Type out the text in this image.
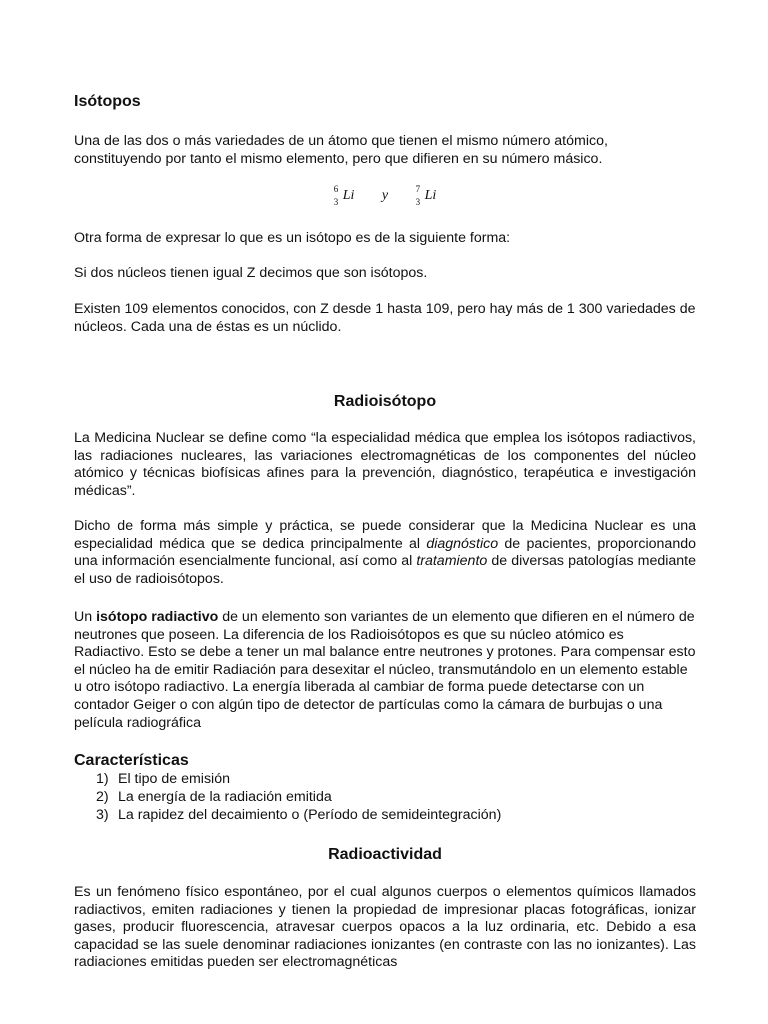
Isótopos

Una de las dos o más variedades de un átomo que tienen el mismo número atómico, constituyendo por tanto el mismo elemento, pero que difieren en su número másico.

6
3 Li y	7
3 Li

Otra forma de expresar lo que es un isótopo es de la siguiente forma:

Si dos núcleos tienen igual Z decimos que son isótopos.

Existen 109 elementos conocidos, con Z desde 1 hasta 109, pero hay más de 1 300 variedades de núcleos. Cada una de éstas es un núclido.

Radioisótopo

La Medicina Nuclear se define como “la especialidad médica que emplea los isótopos radiactivos, las radiaciones nucleares, las variaciones electromagnéticas de los componentes del núcleo atómico y técnicas biofísicas afines para la prevención, diagnóstico, terapéutica e investigación médicas”.

Dicho de forma más simple y práctica, se puede considerar que la Medicina Nuclear es una especialidad médica que se dedica principalmente al diagnóstico de pacientes, proporcionando una información esencialmente funcional, así como al tratamiento de diversas patologías mediante el uso de radioisótopos.

Un isótopo radiactivo de un elemento son variantes de un elemento que difieren en el número de neutrones que poseen. La diferencia de los Radioisótopos es que su núcleo atómico es Radiactivo. Esto se debe a tener un mal balance entre neutrones y protones. Para compensar esto el núcleo ha de emitir Radiación para desexitar el núcleo, transmutándolo en un elemento estable u otro isótopo radiactivo. La energía liberada al cambiar de forma puede detectarse con un contador Geiger o con algún tipo de detector de partículas como la cámara de burbujas o una película radiográfica

Características
1) El tipo de emisión
2) La energía de la radiación emitida
3) La rapidez del decaimiento o (Período de semideintegración)
Radioactividad

Es un fenómeno físico espontáneo, por el cual algunos cuerpos o elementos químicos llamados radiactivos, emiten radiaciones y tienen la propiedad de impresionar placas fotográficas, ionizar gases, producir fluorescencia, atravesar cuerpos opacos a la luz ordinaria, etc. Debido a esa capacidad se las suele denominar radiaciones ionizantes (en contraste con las no ionizantes). Las radiaciones emitidas pueden ser electromagnéticas
